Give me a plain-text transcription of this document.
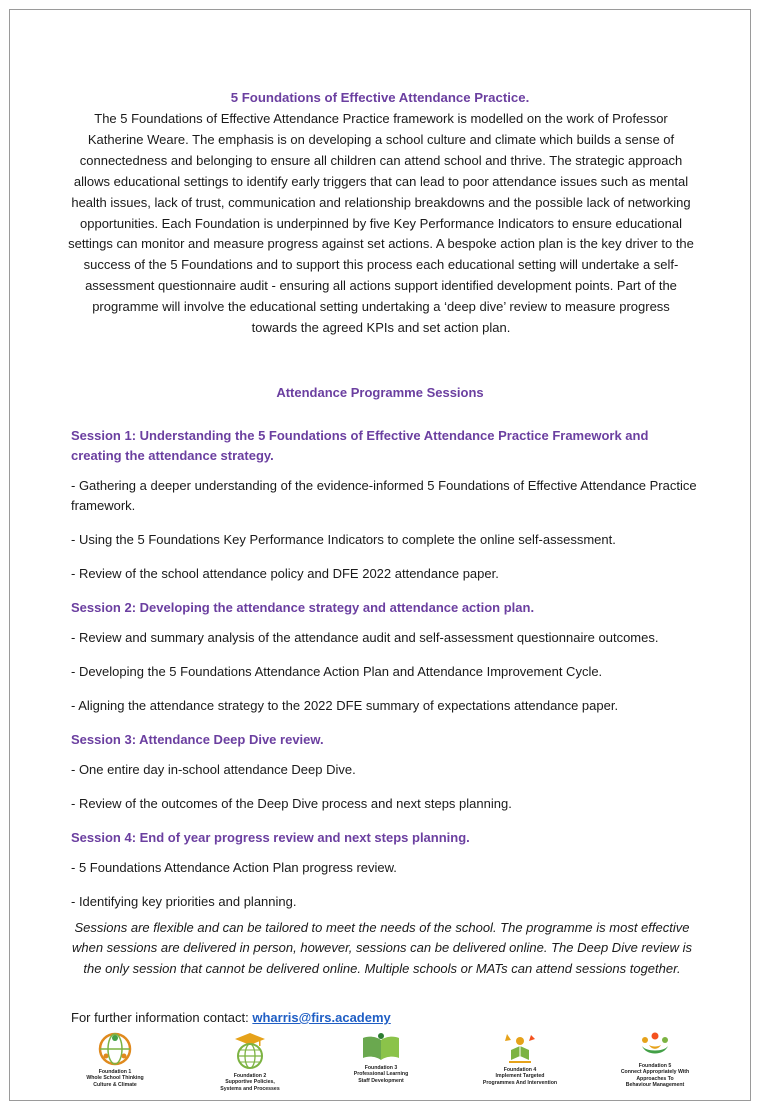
5 Foundations of Effective Attendance Practice.
The 5 Foundations of Effective Attendance Practice framework is modelled on the work of Professor Katherine Weare. The emphasis is on developing a school culture and climate which builds a sense of connectedness and belonging to ensure all children can attend school and thrive. The strategic approach allows educational settings to identify early triggers that can lead to poor attendance issues such as mental health issues, lack of trust, communication and relationship breakdowns and the possible lack of networking opportunities. Each Foundation is underpinned by five Key Performance Indicators to ensure educational settings can monitor and measure progress against set actions. A bespoke action plan is the key driver to the success of the 5 Foundations and to support this process each educational setting will undertake a self-assessment questionnaire audit - ensuring all actions support identified development points. Part of the programme will involve the educational setting undertaking a ‘deep dive’ review to measure progress towards the agreed KPIs and set action plan.
Attendance Programme Sessions

Session 1: Understanding the 5 Foundations of Effective Attendance Practice Framework and creating the attendance strategy.

- Gathering a deeper understanding of the evidence-informed 5 Foundations of Effective Attendance Practice framework.

- Using the 5 Foundations Key Performance Indicators to complete the online self-assessment.

- Review of the school attendance policy and DFE 2022 attendance paper.

Session 2: Developing the attendance strategy and attendance action plan.

- Review and summary analysis of the attendance audit and self-assessment questionnaire outcomes.

- Developing the 5 Foundations Attendance Action Plan and Attendance Improvement Cycle.

- Aligning the attendance strategy to the 2022 DFE summary of expectations attendance paper.

Session 3: Attendance Deep Dive review.

- One entire day in-school attendance Deep Dive.

- Review of the outcomes of the Deep Dive process and next steps planning.

Session 4: End of year progress review and next steps planning.

- 5 Foundations Attendance Action Plan progress review.

- Identifying key priorities and planning.

Sessions are flexible and can be tailored to meet the needs of the school. The programme is most effective when sessions are delivered in person, however, sessions can be delivered online. The Deep Dive review is the only session that cannot be delivered online. Multiple schools or MATs can attend sessions together.
For further information contact: wharris@firs.academy
Foundation 1
Whole School Thinking
Culture & Climate
Foundation 2
Supportive Policies,
Systems and Processes
Foundation 3
Professional Learning
Staff Development
Foundation 4
Implement Targeted
Programmes And Intervention
Foundation 5
Connect Appropriately With
Approaches To
Behaviour Management
